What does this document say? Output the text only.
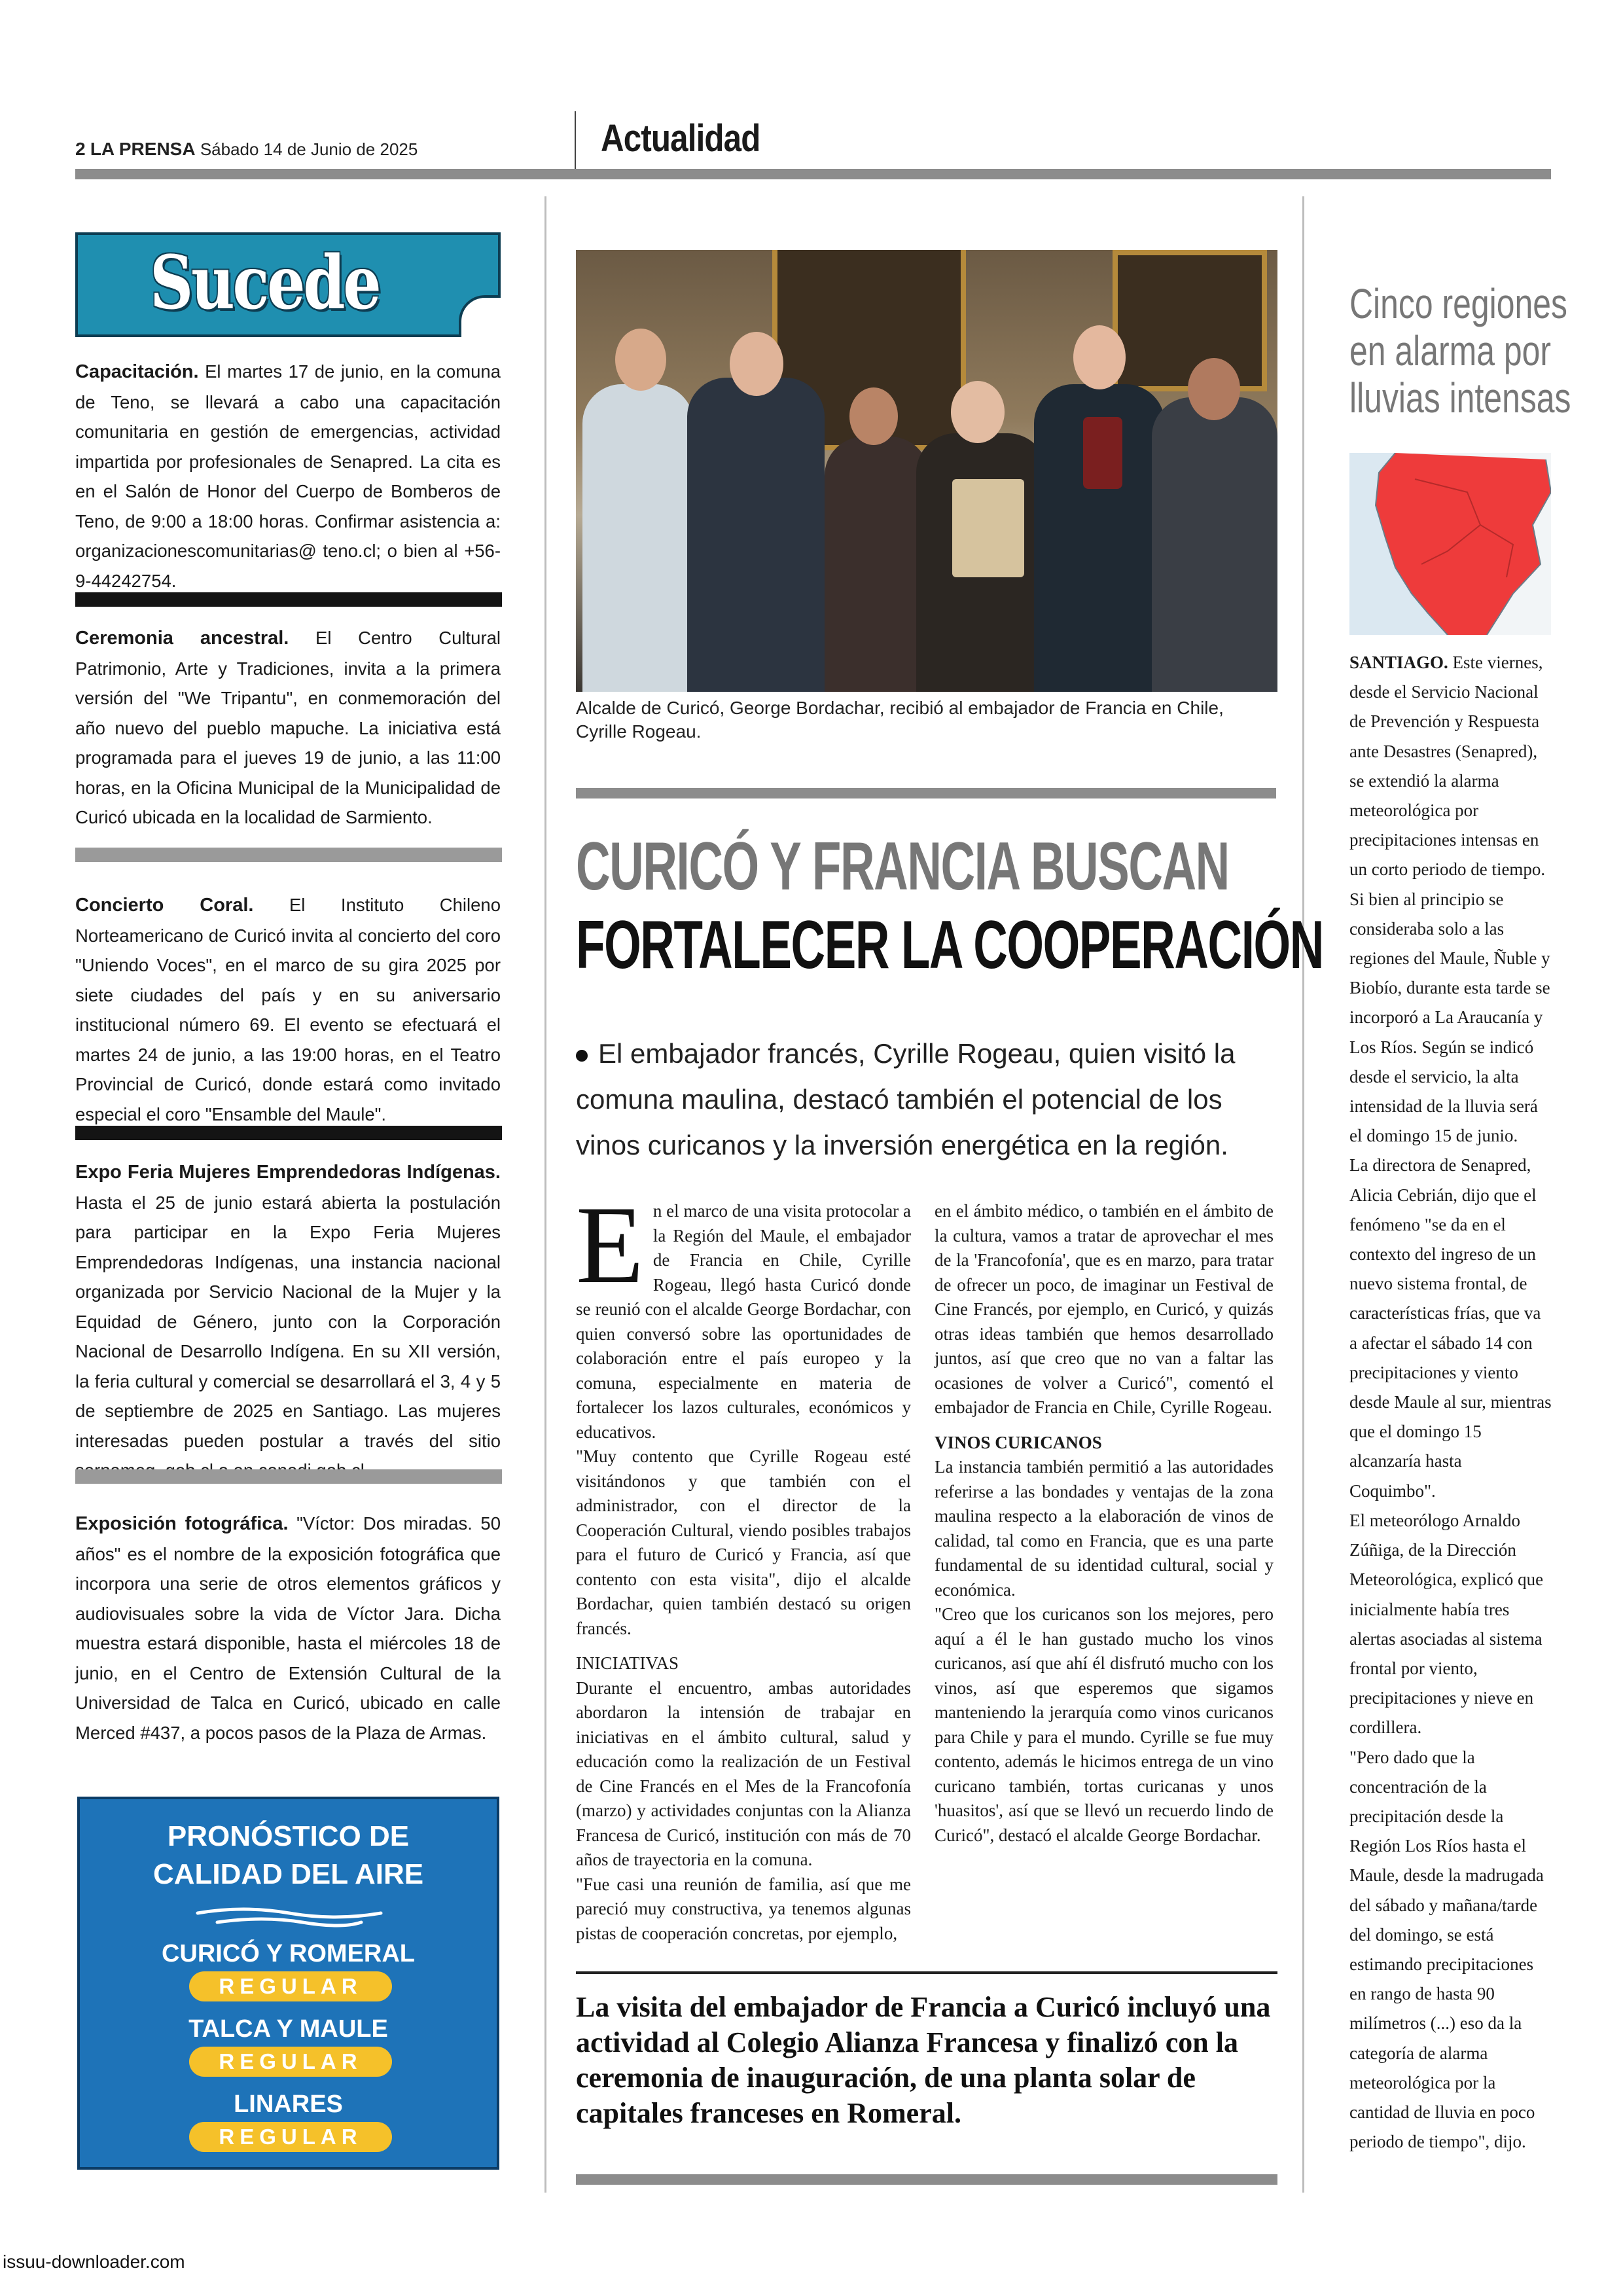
2 LA PRENSA Sábado 14 de Junio de 2025	Actualidad
Sucede
Capacitación. El martes 17 de junio, en la comuna de Teno, se llevará a cabo una capacitación comunitaria en gestión de emergencias, actividad impartida por profesionales de Senapred. La cita es en el Salón de Honor del Cuerpo de Bomberos de Teno, de 9:00 a 18:00 horas. Confirmar asistencia a: organizacionescomunitarias@ teno.cl; o bien al +56-9-44242754.
Ceremonia ancestral. El Centro Cultural Patrimonio, Arte y Tradiciones, invita a la primera versión del "We Tripantu", en conmemoración del año nuevo del pueblo mapuche. La iniciativa está programada para el jueves 19 de junio, a las 11:00 horas, en la Oficina Municipal de la Municipalidad de Curicó ubicada en la localidad de Sarmiento.
Concierto Coral. El Instituto Chileno Norteamericano de Curicó invita al concierto del coro "Uniendo Voces", en el marco de su gira 2025 por siete ciudades del país y en su aniversario institucional número 69. El evento se efectuará el martes 24 de junio, a las 19:00 horas, en el Teatro Provincial de Curicó, donde estará como invitado especial el coro "Ensamble del Maule".
Expo Feria Mujeres Emprendedoras Indígenas. Hasta el 25 de junio estará abierta la postulación para participar en la Expo Feria Mujeres Emprendedoras Indígenas, una instancia nacional organizada por Servicio Nacional de la Mujer y la Equidad de Género, junto con la Corporación Nacional de Desarrollo Indígena. En su XII versión, la feria cultural y comercial se desarrollará el 3, 4 y 5 de septiembre de 2025 en Santiago. Las mujeres interesadas pueden postular a través del sitio
Exposición fotográfica. "Víctor: Dos miradas. 50 años" es el nombre de la exposición fotográfica que incorpora una serie de otros elementos gráficos y audiovisuales sobre la vida de Víctor Jara. Dicha muestra estará disponible, hasta el miércoles 18 de junio, en el Centro de Extensión Cultural de la Universidad de Talca en Curicó, ubicado en calle Merced #437, a pocos pasos de la Plaza de Armas.
PRONÓSTICO DE
CALIDAD DEL AIRE
CURICÓ Y ROMERAL
REGULAR
TALCA Y MAULE
REGULAR
LINARES
REGULAR
Alcalde de Curicó, George Bordachar, recibió al embajador de Francia en Chile, Cyrille Rogeau.
CURICÓ Y FRANCIA BUSCAN
FORTALECER LA COOPERACIÓN
El embajador francés, Cyrille Rogeau, quien visitó la comuna maulina, destacó también el potencial de los vinos curicanos y la inversión energética en la región.
E n el marco de una visita protocolar a la Región del Maule, el embajador de Francia en Chile, Cyrille Rogeau, llegó hasta Curicó donde se reunió con el alcalde George Bordachar, con quien conversó sobre las oportunidades de colaboración entre el país europeo y la comuna, especialmente en materia de fortalecer los lazos culturales, económicos y educativos.
"Muy contento que Cyrille Rogeau esté visitándonos y que también con el administrador, con el director de la Cooperación Cultural, viendo posibles trabajos para el futuro de Curicó y Francia, así que contento con esta visita", dijo el alcalde Bordachar, quien también destacó su origen francés.
INICIATIVAS
Durante el encuentro, ambas autoridades abordaron la intensión de trabajar en iniciativas en el ámbito cultural, salud y educación como la realización de un Festival de Cine Francés en el Mes de la Francofonía (marzo) y actividades conjuntas con la Alianza Francesa de Curicó, institución con más de 70 años de trayectoria en la comuna.
"Fue casi una reunión de familia, así que me pareció muy constructiva, ya tenemos algunas pistas de cooperación concretas, por ejemplo,
en el ámbito médico, o también en el ámbito de la cultura, vamos a tratar de aprovechar el mes de la 'Francofonía', que es en marzo, para tratar de ofrecer un poco, de imaginar un Festival de Cine Francés, por ejemplo, en Curicó, y quizás otras ideas también que hemos desarrollado juntos, así que creo que no van a faltar las ocasiones de volver a Curicó", comentó el embajador de Francia en Chile, Cyrille Rogeau.
VINOS CURICANOS
La instancia también permitió a las autoridades referirse a las bondades y ventajas de la zona maulina respecto a la elaboración de vinos de calidad, tal como en Francia, que es una parte fundamental de su identidad cultural, social y económica.
"Creo que los curicanos son los mejores, pero aquí a él le han gustado mucho los vinos curicanos, así que ahí él disfrutó mucho con los vinos, así que esperemos que sigamos manteniendo la jerarquía como vinos curicanos para Chile y para el mundo. Cyrille se fue muy contento, además le hicimos entrega de un vino curicano también, tortas curicanas y unos 'huasitos', así que se llevó un recuerdo lindo de Curicó", destacó el alcalde George Bordachar.
La visita del embajador de Francia a Curicó incluyó una actividad al Colegio Alianza Francesa y finalizó con la ceremonia de inauguración, de una planta solar de capitales franceses en Romeral.
Cinco regiones
en alarma por
lluvias intensas
SANTIAGO. Este viernes, desde el Servicio Nacional de Prevención y Respuesta ante Desastres (Senapred), se extendió la alarma meteorológica por precipitaciones intensas en un corto periodo de tiempo.
Si bien al principio se consideraba solo a las regiones del Maule, Ñuble y Biobío, durante esta tarde se incorporó a La Araucanía y Los Ríos. Según se indicó desde el servicio, la alta intensidad de la lluvia será el domingo 15 de junio.
La directora de Senapred, Alicia Cebrián, dijo que el fenómeno "se da en el contexto del ingreso de un nuevo sistema frontal, de características frías, que va a afectar el sábado 14 con precipitaciones y viento desde Maule al sur, mientras que el domingo 15 alcanzaría hasta Coquimbo".
El meteorólogo Arnaldo Zúñiga, de la Dirección Meteorológica, explicó que inicialmente había tres alertas asociadas al sistema frontal por viento, precipitaciones y nieve en cordillera.
"Pero dado que la concentración de la precipitación desde la Región Los Ríos hasta el Maule, desde la madrugada del sábado y mañana/tarde del domingo, se está estimando precipitaciones en rango de hasta 90 milímetros (...) eso da la categoría de alarma meteorológica por la cantidad de lluvia en poco periodo de tiempo", dijo.
issuu-downloader.com
